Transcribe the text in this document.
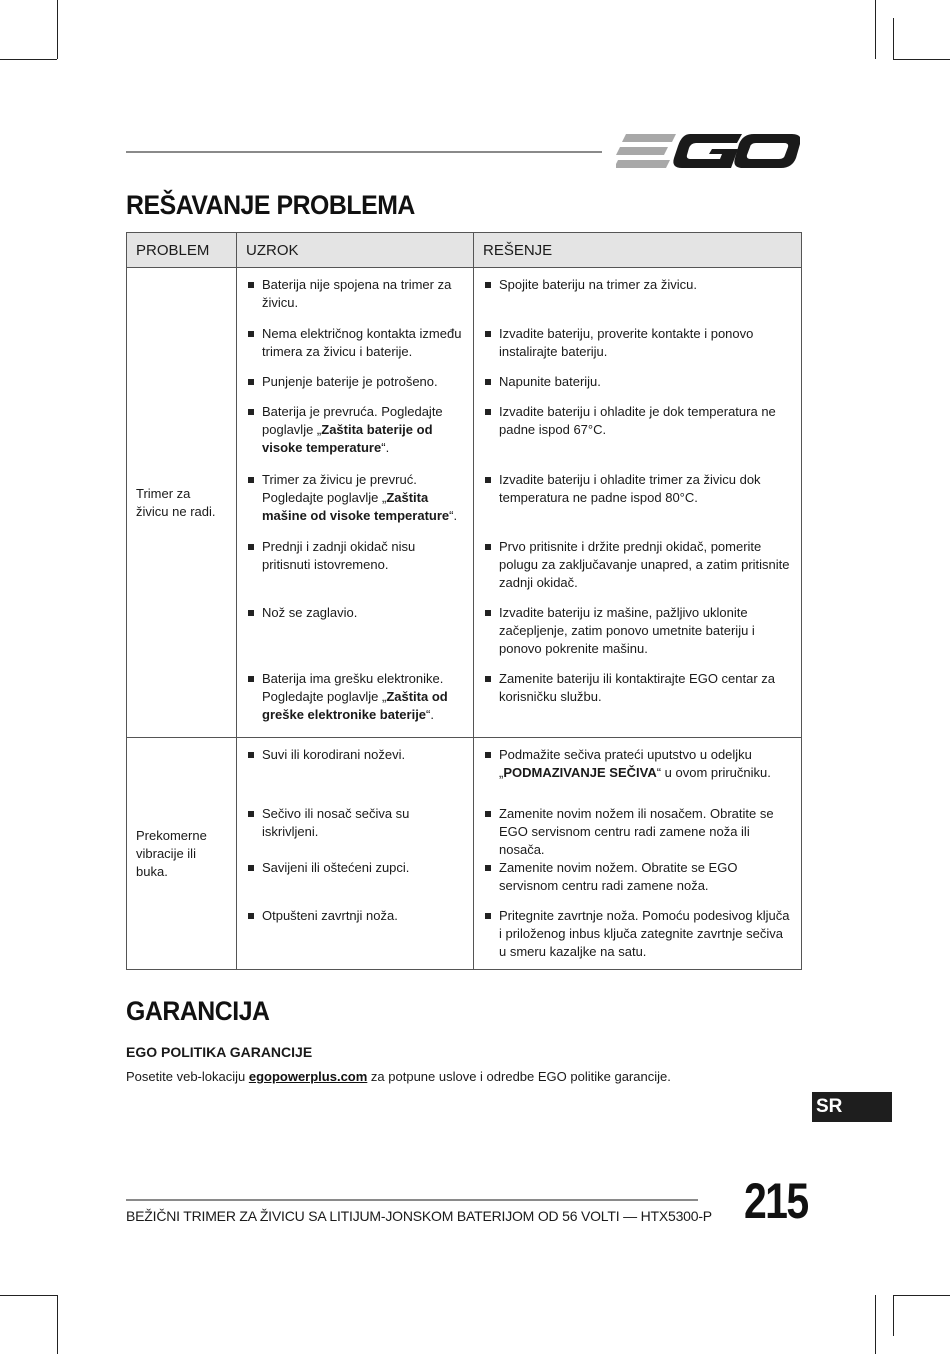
REŠAVANJE PROBLEMA
PROBLEM	UZROK	REŠENJE
Trimer za živicu ne radi.	Baterija nije spojena na trimer za živicu.	Spojite bateriju na trimer za živicu.

	Nema električnog kontakta između trimera za živicu i baterije.	Izvadite bateriju, proverite kontakte i ponovo instalirajte bateriju.

	Punjenje baterije je potrošeno.	Napunite bateriju.

	Baterija je prevruća. Pogledajte poglavlje „Zaštita baterije od visoke temperature“.	Izvadite bateriju i ohladite je dok temperatura ne padne ispod 67°C.

	Trimer za živicu je prevruć. Pogledajte poglavlje „Zaštita mašine od visoke temperature“.	Izvadite bateriju i ohladite trimer za živicu dok temperatura ne padne ispod 80°C.

	Prednji i zadnji okidač nisu pritisnuti istovremeno.	Prvo pritisnite i držite prednji okidač, pomerite polugu za zaključavanje unapred, a zatim pritisnite zadnji okidač.

	Nož se zaglavio.	Izvadite bateriju iz mašine, pažljivo uklonite začepljenje, zatim ponovo umetnite bateriju i ponovo pokrenite mašinu.

	Baterija ima grešku elektronike. Pogledajte poglavlje „Zaštita od greške elektronike baterije“.	Zamenite bateriju ili kontaktirajte EGO centar za korisničku službu.

Prekomerne vibracije ili buka.	Suvi ili korodirani noževi.	Podmažite sečiva prateći uputstvo u odeljku „PODMAZIVANJE SEČIVA“ u ovom priručniku.

	Sečivo ili nosač sečiva su iskrivljeni.	Zamenite novim nožem ili nosačem. Obratite se EGO servisnom centru radi zamene noža ili nosača.

	Savijeni ili oštećeni zupci.	Zamenite novim nožem. Obratite se EGO servisnom centru radi zamene noža.

	Otpušteni zavrtnji noža.	Pritegnite zavrtnje noža. Pomoću podesivog ključa i priloženog inbus ključa zategnite zavrtnje sečiva u smeru kazaljke na satu.
GARANCIJA

EGO POLITIKA GARANCIJE

Posetite veb-lokaciju egopowerplus.com za potpune uslove i odredbe EGO politike garancije.

SR

BEŽIČNI TRIMER ZA ŽIVICU SA LITIJUM-JONSKOM BATERIJOM OD 56 VOLTI — HTX5300-P 215
